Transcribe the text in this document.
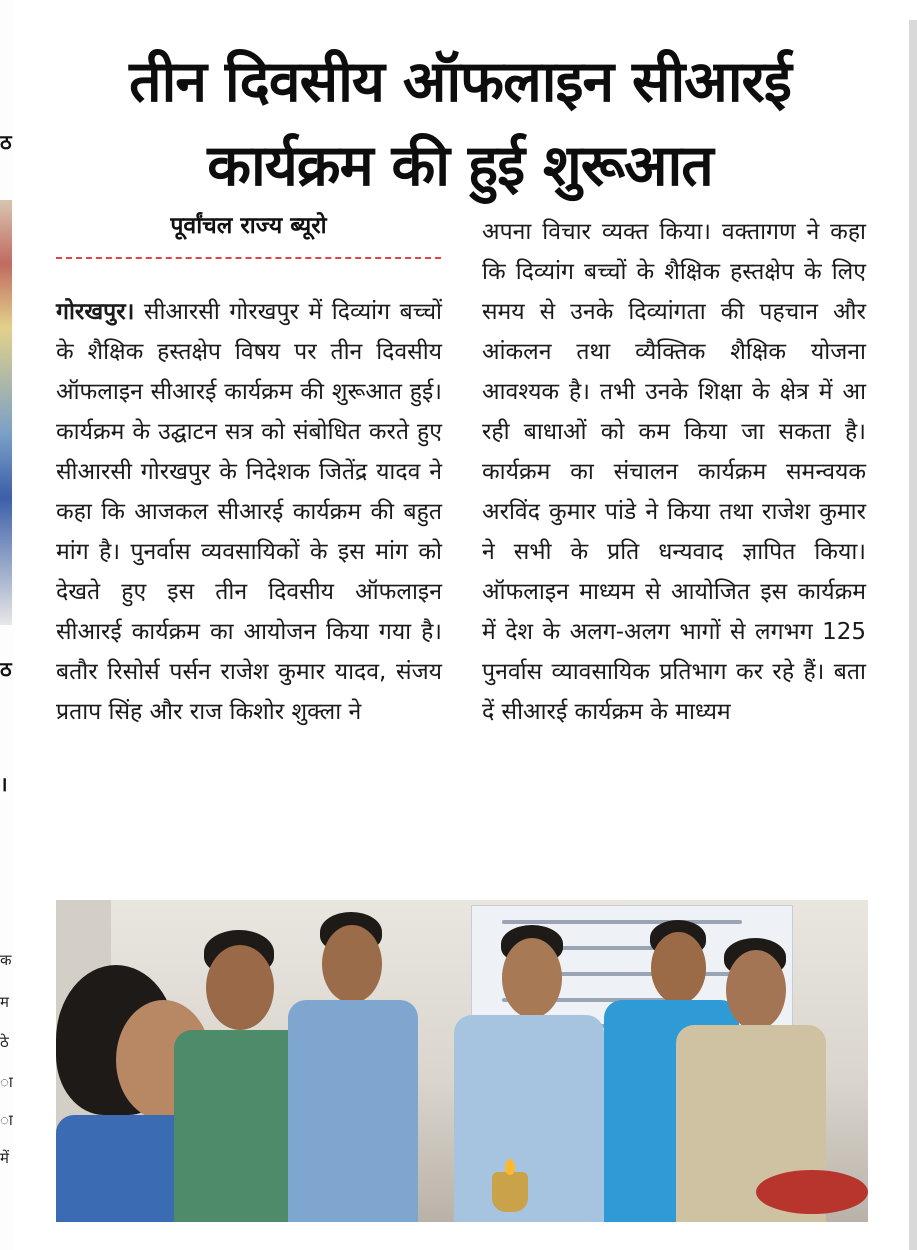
ठ
ठ
।
क
म
ठे
ा
ा
में
तीन दिवसीय ऑफलाइन सीआरई
कार्यक्रम की हुई शुरूआत
पूर्वांचल राज्य ब्यूरो
गोरखपुर। सीआरसी गोरखपुर में दिव्यांग बच्चों के शैक्षिक हस्तक्षेप विषय पर तीन दिवसीय ऑफलाइन सीआरई कार्यक्रम की शुरूआत हुई। कार्यक्रम के उद्घाटन सत्र को संबोधित करते हुए सीआरसी गोरखपुर के निदेशक जितेंद्र यादव ने कहा कि आजकल सीआरई कार्यक्रम की बहुत मांग है। पुनर्वास व्यवसायिकों के इस मांग को देखते हुए इस तीन दिवसीय ऑफलाइन सीआरई कार्यक्रम का आयोजन किया गया है। बतौर रिसोर्स पर्सन राजेश कुमार यादव, संजय प्रताप सिंह और राज किशोर शुक्ला ने
अपना विचार व्यक्त किया। वक्तागण ने कहा कि दिव्यांग बच्चों के शैक्षिक हस्तक्षेप के लिए समय से उनके दिव्यांगता की पहचान और आंकलन तथा व्यैक्तिक शैक्षिक योजना आवश्यक है। तभी उनके शिक्षा के क्षेत्र में आ रही बाधाओं को कम किया जा सकता है। कार्यक्रम का संचालन कार्यक्रम समन्वयक अरविंद कुमार पांडे ने किया तथा राजेश कुमार ने सभी के प्रति धन्यवाद ज्ञापित किया। ऑफलाइन माध्यम से आयोजित इस कार्यक्रम में देश के अलग-अलग भागों से लगभग 125 पुनर्वास व्यावसायिक प्रतिभाग कर रहे हैं। बता दें सीआरई कार्यक्रम के माध्यम
